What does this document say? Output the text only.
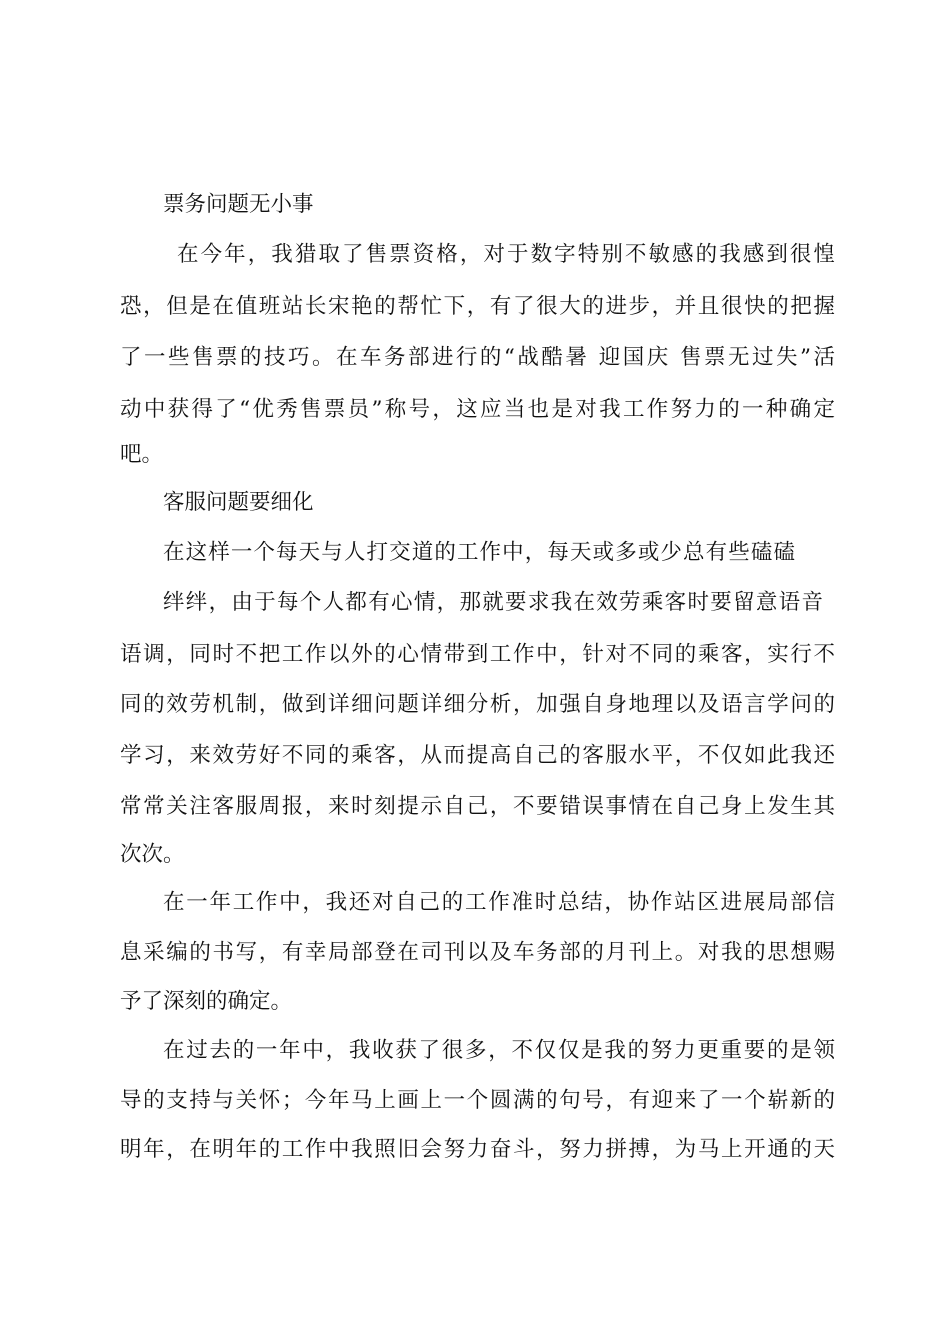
票务问题无小事
在今年，我猎取了售票资格，对于数字特别不敏感的我感到很惶
恐，但是在值班站长宋艳的帮忙下，有了很大的进步，并且很快的把握
了一些售票的技巧。在车务部进行的“战酷暑 迎国庆 售票无过失”活
动中获得了“优秀售票员”称号，这应当也是对我工作努力的一种确定
吧。
客服问题要细化
在这样一个每天与人打交道的工作中，每天或多或少总有些磕磕
绊绊，由于每个人都有心情，那就要求我在效劳乘客时要留意语音
语调，同时不把工作以外的心情带到工作中，针对不同的乘客，实行不
同的效劳机制，做到详细问题详细分析，加强自身地理以及语言学问的
学习，来效劳好不同的乘客，从而提高自己的客服水平，不仅如此我还
常常关注客服周报，来时刻提示自己，不要错误事情在自己身上发生其
次次。
在一年工作中，我还对自己的工作准时总结，协作站区进展局部信
息采编的书写，有幸局部登在司刊以及车务部的月刊上。对我的思想赐
予了深刻的确定。
在过去的一年中，我收获了很多，不仅仅是我的努力更重要的是领
导的支持与关怀；今年马上画上一个圆满的句号，有迎来了一个崭新的
明年，在明年的工作中我照旧会努力奋斗，努力拼搏，为马上开通的天
